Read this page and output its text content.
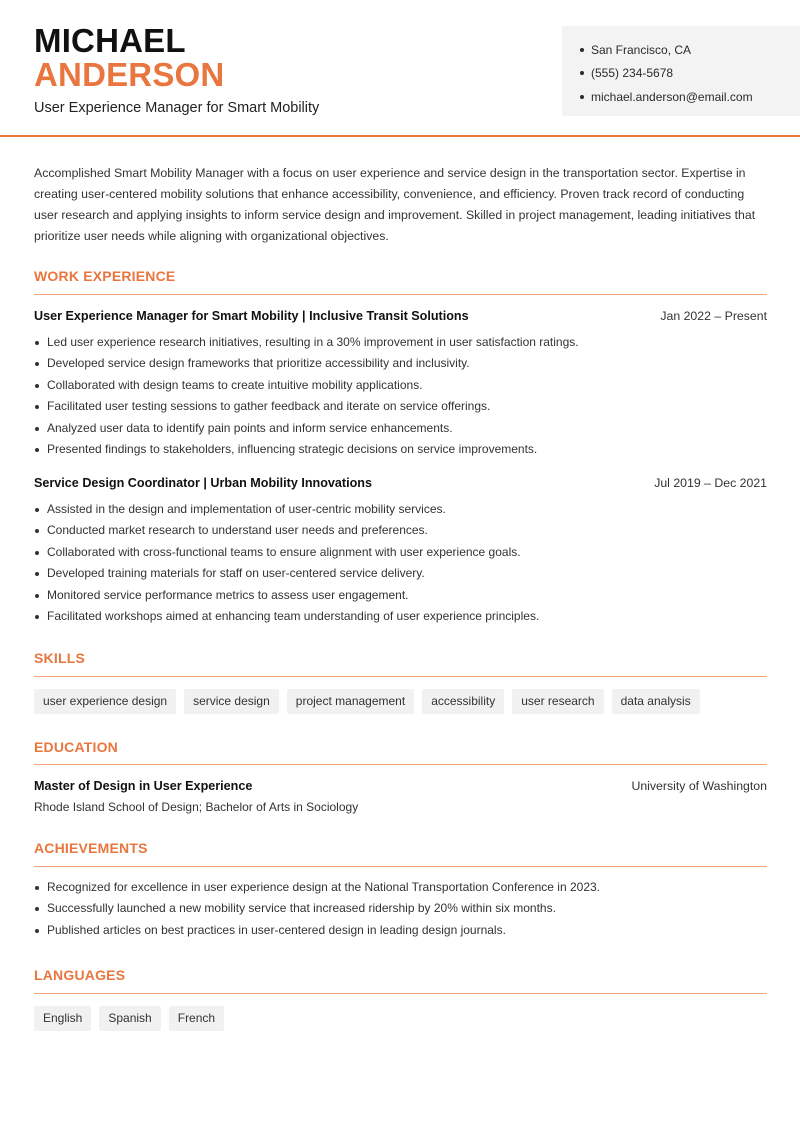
MICHAEL
ANDERSON
User Experience Manager for Smart Mobility
San Francisco, CA
(555) 234-5678
michael.anderson@email.com

Accomplished Smart Mobility Manager with a focus on user experience and service design in the transportation sector. Expertise in creating user-centered mobility solutions that enhance accessibility, convenience, and efficiency. Proven track record of conducting user research and applying insights to inform service design and improvement. Skilled in project management, leading initiatives that prioritize user needs while aligning with organizational objectives.

WORK EXPERIENCE
User Experience Manager for Smart Mobility | Inclusive Transit Solutions	Jan 2022 – Present
Led user experience research initiatives, resulting in a 30% improvement in user satisfaction ratings.
Developed service design frameworks that prioritize accessibility and inclusivity.
Collaborated with design teams to create intuitive mobility applications.
Facilitated user testing sessions to gather feedback and iterate on service offerings.
Analyzed user data to identify pain points and inform service enhancements.
Presented findings to stakeholders, influencing strategic decisions on service improvements.
Service Design Coordinator | Urban Mobility Innovations	Jul 2019 – Dec 2021
Assisted in the design and implementation of user-centric mobility services.
Conducted market research to understand user needs and preferences.
Collaborated with cross-functional teams to ensure alignment with user experience goals.
Developed training materials for staff on user-centered service delivery.
Monitored service performance metrics to assess user engagement.
Facilitated workshops aimed at enhancing team understanding of user experience principles.
SKILLS
user experience design	service design	project management	accessibility	user research	data analysis
EDUCATION
Master of Design in User Experience	University of Washington
Rhode Island School of Design; Bachelor of Arts in Sociology
ACHIEVEMENTS
Recognized for excellence in user experience design at the National Transportation Conference in 2023.
Successfully launched a new mobility service that increased ridership by 20% within six months.
Published articles on best practices in user-centered design in leading design journals.
LANGUAGES
English	Spanish	French
